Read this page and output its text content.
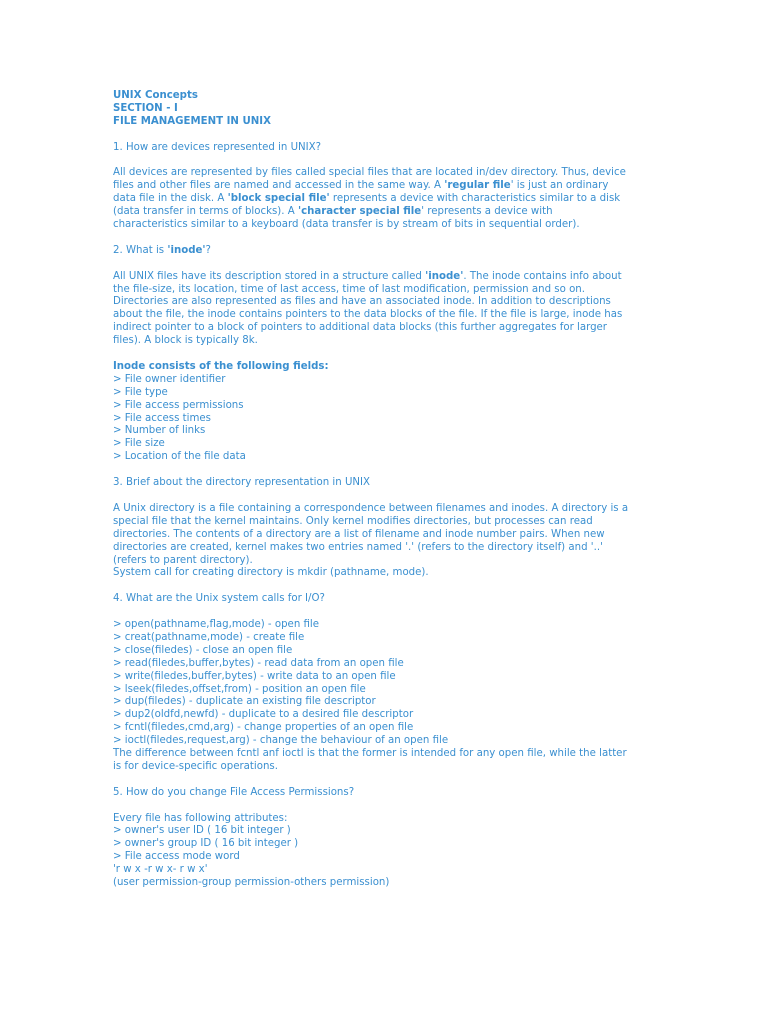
UNIX Concepts
SECTION - I
FILE MANAGEMENT IN UNIX
1. How are devices represented in UNIX?
All devices are represented by files called special files that are located in/dev directory. Thus, device
files and other files are named and accessed in the same way. A 'regular file' is just an ordinary
data file in the disk. A 'block special file' represents a device with characteristics similar to a disk
(data transfer in terms of blocks). A 'character special file' represents a device with
characteristics similar to a keyboard (data transfer is by stream of bits in sequential order).
2. What is 'inode'?
All UNIX files have its description stored in a structure called 'inode'. The inode contains info about
the file-size, its location, time of last access, time of last modification, permission and so on.
Directories are also represented as files and have an associated inode. In addition to descriptions
about the file, the inode contains pointers to the data blocks of the file. If the file is large, inode has
indirect pointer to a block of pointers to additional data blocks (this further aggregates for larger
files). A block is typically 8k.
Inode consists of the following fields:
> File owner identifier
> File type
> File access permissions
> File access times
> Number of links
> File size
> Location of the file data
3. Brief about the directory representation in UNIX
A Unix directory is a file containing a correspondence between filenames and inodes. A directory is a
special file that the kernel maintains. Only kernel modifies directories, but processes can read
directories. The contents of a directory are a list of filename and inode number pairs. When new
directories are created, kernel makes two entries named '.' (refers to the directory itself) and '..'
(refers to parent directory).
System call for creating directory is mkdir (pathname, mode).
4. What are the Unix system calls for I/O?
> open(pathname,flag,mode) - open file
> creat(pathname,mode) - create file
> close(filedes) - close an open file
> read(filedes,buffer,bytes) - read data from an open file
> write(filedes,buffer,bytes) - write data to an open file
> lseek(filedes,offset,from) - position an open file
> dup(filedes) - duplicate an existing file descriptor
> dup2(oldfd,newfd) - duplicate to a desired file descriptor
> fcntl(filedes,cmd,arg) - change properties of an open file
> ioctl(filedes,request,arg) - change the behaviour of an open file
The difference between fcntl anf ioctl is that the former is intended for any open file, while the latter
is for device-specific operations.
5. How do you change File Access Permissions?
Every file has following attributes:
> owner's user ID ( 16 bit integer )
> owner's group ID ( 16 bit integer )
> File access mode word
'r w x -r w x- r w x'
(user permission-group permission-others permission)
